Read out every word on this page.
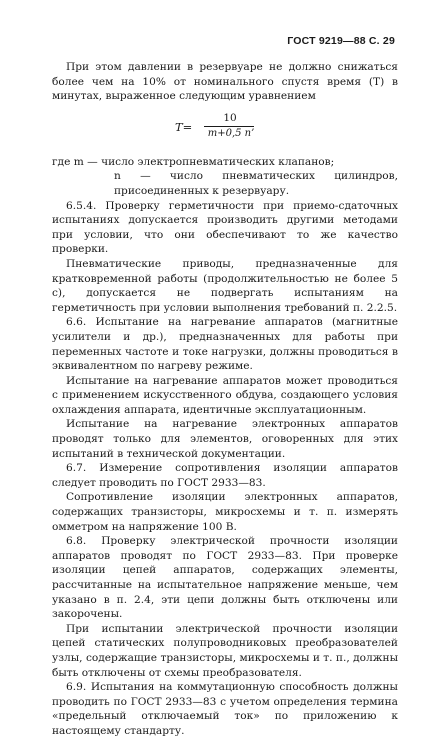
ГОСТ 9219—88 С. 29

При этом давлении в резервуаре не должно снижаться более чем на 10% от номинального спустя время (T) в минутах, выраженное следующим уравнением

T=
10
m+0,5 n’
где m — число электропневматических клапанов;
n — число пневматических цилиндров, присоединенных к резервуару.

6.5.4. Проверку герметичности при приемо-сдаточных испытаниях допускается производить другими методами при условии, что они обеспечивают то же качество проверки.

Пневматические приводы, предназначенные для кратковременной работы (продолжительностью не более 5 с), допускается не подвергать испытаниям на герметичность при условии выполнения требований п. 2.2.5.

6.6. Испытание на нагревание аппаратов (магнитные усилители и др.), предназначенных для работы при переменных частоте и токе нагрузки, должны проводиться в эквивалентном по нагреву режиме.

Испытание на нагревание аппаратов может проводиться с применением искусственного обдува, создающего условия охлаждения аппарата, идентичные эксплуатационным.

Испытание на нагревание электронных аппаратов проводят только для элементов, оговоренных для этих испытаний в технической документации.

6.7. Измерение сопротивления изоляции аппаратов следует проводить по ГОСТ 2933—83.

Сопротивление изоляции электронных аппаратов, содержащих транзисторы, микросхемы и т. п. измерять омметром на напряжение 100 В.

6.8. Проверку электрической прочности изоляции аппаратов проводят по ГОСТ 2933—83. При проверке изоляции цепей аппаратов, содержащих элементы, рассчитанные на испытательное напряжение меньше, чем указано в п. 2.4, эти цепи должны быть отключены или закорочены.

При испытании электрической прочности изоляции цепей статических полупроводниковых преобразователей узлы, содержащие транзисторы, микросхемы и т. п., должны быть отключены от схемы преобразователя.

6.9. Испытания на коммутационную способность должны проводить по ГОСТ 2933—83 с учетом определения термина «предельный отключаемый ток» по приложению к настоящему стандарту.
